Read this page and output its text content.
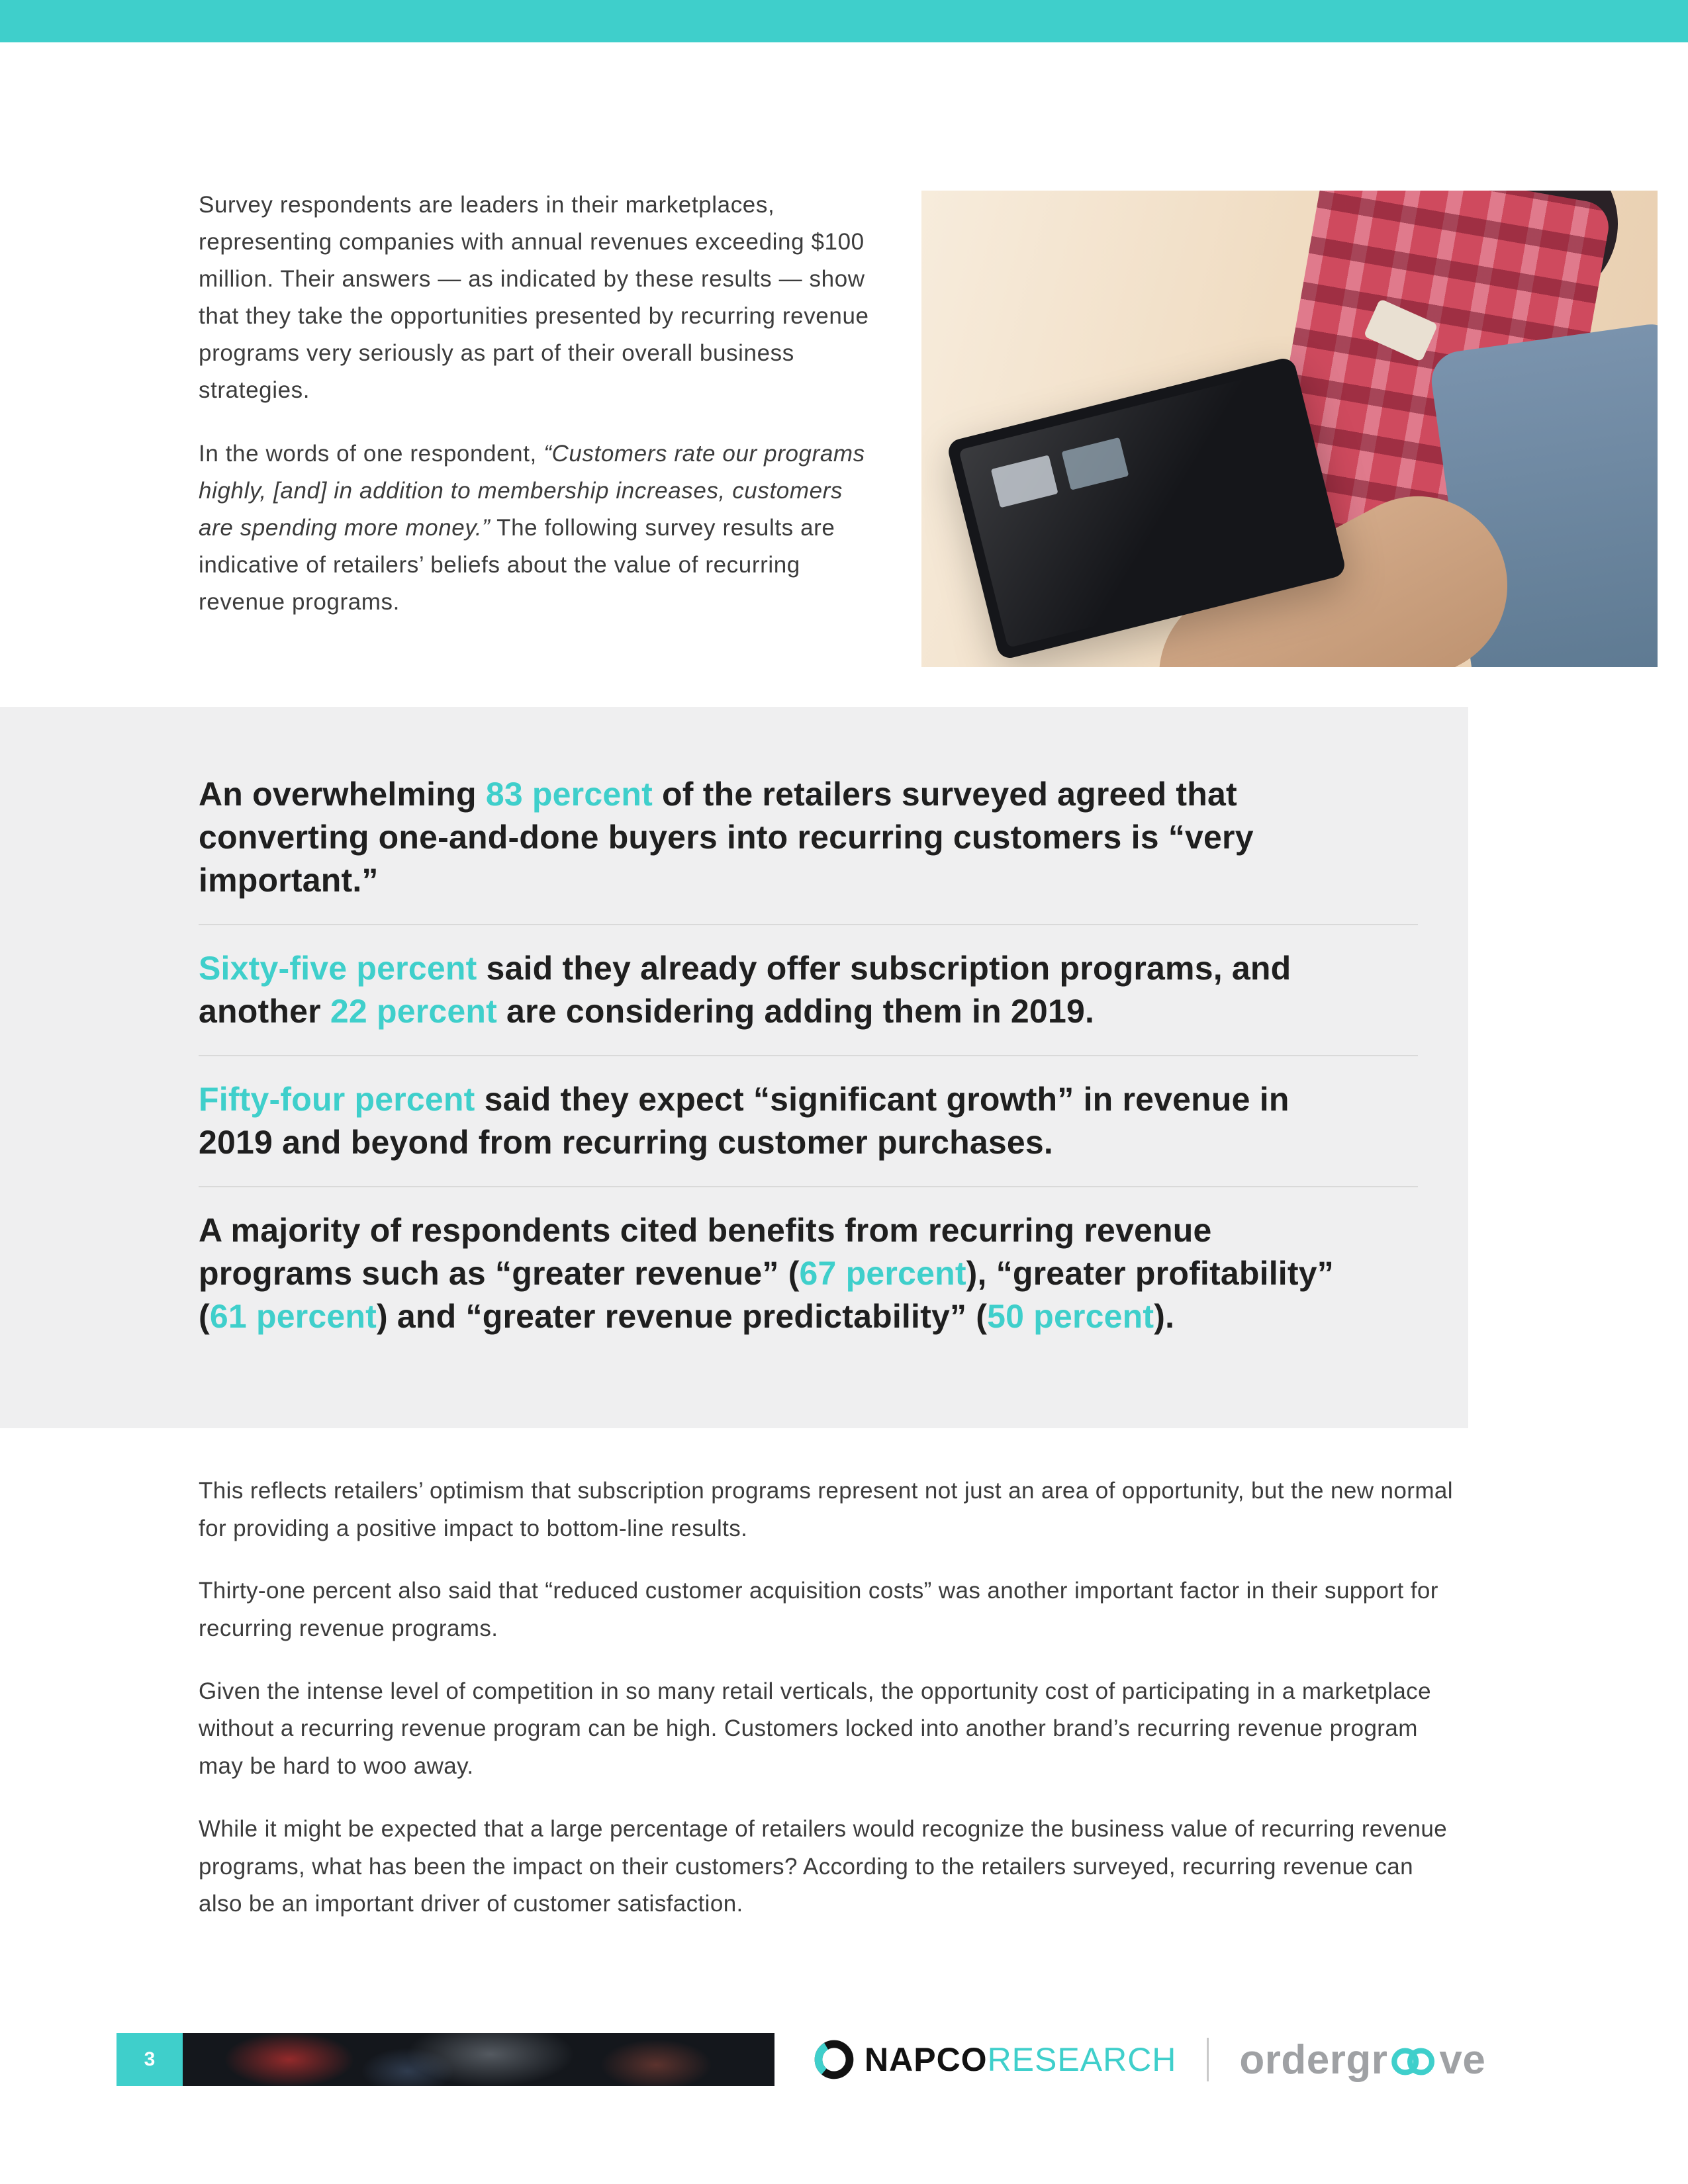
Survey respondents are leaders in their marketplaces, representing companies with annual revenues exceeding $100 million. Their answers — as indicated by these results — show that they take the opportunities presented by recurring revenue programs very seriously as part of their overall business strategies.

In the words of one respondent, “Customers rate our programs highly, [and] in addition to membership increases, customers are spending more money.” The following survey results are indicative of retailers’ beliefs about the value of recurring revenue programs.

An overwhelming 83 percent of the retailers surveyed agreed that converting one-and-done buyers into recurring customers is “very important.”

Sixty-five percent said they already offer subscription programs, and another 22 percent are considering adding them in 2019.

Fifty-four percent said they expect “significant growth” in revenue in 2019 and beyond from recurring customer purchases.

A majority of respondents cited benefits from recurring revenue programs such as “greater revenue” (67 percent), “greater profitability” (61 percent) and “greater revenue predictability” (50 percent).

This reflects retailers’ optimism that subscription programs represent not just an area of opportunity, but the new normal for providing a positive impact to bottom-line results.

Thirty-one percent also said that “reduced customer acquisition costs” was another important factor in their support for recurring revenue programs.

Given the intense level of competition in so many retail verticals, the opportunity cost of participating in a marketplace without a recurring revenue program can be high. Customers locked into another brand’s recurring revenue program may be hard to woo away.

While it might be expected that a large percentage of retailers would recognize the business value of recurring revenue programs, what has been the impact on their customers? According to the retailers surveyed, recurring revenue can also be an important driver of customer satisfaction.

3	NAPCORESEARCH ordergr ve
